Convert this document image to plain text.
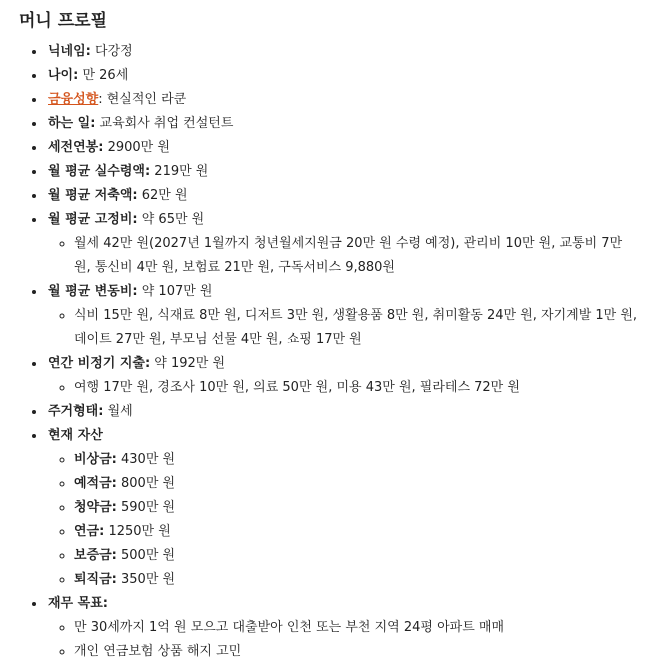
머니 프로필
• 닉네임: 다강정
• 나이: 만 26세
• 금융성향: 현실적인 라쿤
• 하는 일: 교육회사 취업 컨설턴트
• 세전연봉: 2900만 원
• 월 평균 실수령액: 219만 원
• 월 평균 저축액: 62만 원
• 월 평균 고정비: 약 65만 원
◦ 월세 42만 원(2027년 1월까지 청년월세지원금 20만 원 수령 예정), 관리비 10만 원, 교통비 7만 원, 통신비 4만 원, 보험료 21만 원, 구독서비스 9,880원
• 월 평균 변동비: 약 107만 원
◦ 식비 15만 원, 식재료 8만 원, 디저트 3만 원, 생활용품 8만 원, 취미활동 24만 원, 자기계발 1만 원, 데이트 27만 원, 부모님 선물 4만 원, 쇼핑 17만 원
• 연간 비정기 지출: 약 192만 원
◦ 여행 17만 원, 경조사 10만 원, 의료 50만 원, 미용 43만 원, 필라테스 72만 원
• 주거형태: 월세
• 현재 자산
◦ 비상금: 430만 원
◦ 예적금: 800만 원
◦ 청약금: 590만 원
◦ 연금: 1250만 원
◦ 보증금: 500만 원
◦ 퇴직금: 350만 원
• 재무 목표:
◦ 만 30세까지 1억 원 모으고 대출받아 인천 또는 부천 지역 24평 아파트 매매
◦ 개인 연금보험 상품 해지 고민
